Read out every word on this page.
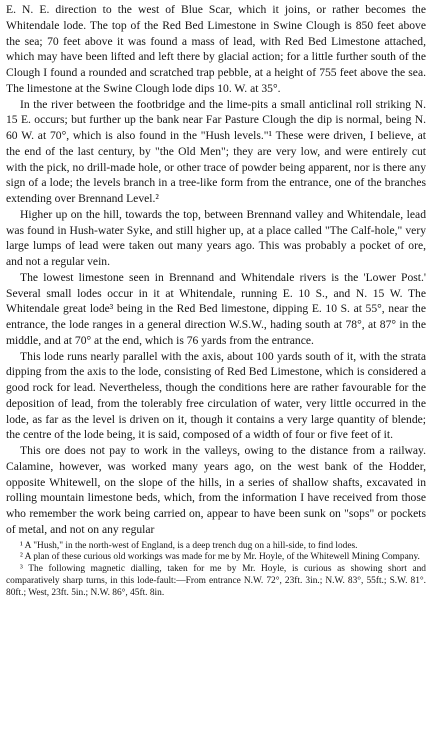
E. N. E. direction to the west of Blue Scar, which it joins, or rather becomes the Whitendale lode. The top of the Red Bed Limestone in Swine Clough is 850 feet above the sea; 70 feet above it was found a mass of lead, with Red Bed Limestone attached, which may have been lifted and left there by glacial action; for a little further south of the Clough I found a rounded and scratched trap pebble, at a height of 755 feet above the sea. The limestone at the Swine Clough lode dips 10. W. at 35°.

In the river between the footbridge and the lime-pits a small anticlinal roll striking N. 15 E. occurs; but further up the bank near Far Pasture Clough the dip is normal, being N. 60 W. at 70°, which is also found in the "Hush levels."¹ These were driven, I believe, at the end of the last century, by "the Old Men"; they are very low, and were entirely cut with the pick, no drill-made hole, or other trace of powder being apparent, nor is there any sign of a lode; the levels branch in a tree-like form from the entrance, one of the branches extending over Brennand Level.²

Higher up on the hill, towards the top, between Brennand valley and Whitendale, lead was found in Hush-water Syke, and still higher up, at a place called "The Calf-hole," very large lumps of lead were taken out many years ago. This was probably a pocket of ore, and not a regular vein.

The lowest limestone seen in Brennand and Whitendale rivers is the 'Lower Post.' Several small lodes occur in it at Whitendale, running E. 10 S., and N. 15 W. The Whitendale great lode³ being in the Red Bed limestone, dipping E. 10 S. at 55°, near the entrance, the lode ranges in a general direction W.S.W., hading south at 78°, at 87° in the middle, and at 70° at the end, which is 76 yards from the entrance.

This lode runs nearly parallel with the axis, about 100 yards south of it, with the strata dipping from the axis to the lode, consisting of Red Bed Limestone, which is considered a good rock for lead. Nevertheless, though the conditions here are rather favourable for the deposition of lead, from the tolerably free circulation of water, very little occurred in the lode, as far as the level is driven on it, though it contains a very large quantity of blende; the centre of the lode being, it is said, composed of a width of four or five feet of it.

This ore does not pay to work in the valleys, owing to the distance from a railway. Calamine, however, was worked many years ago, on the west bank of the Hodder, opposite Whitewell, on the slope of the hills, in a series of shallow shafts, excavated in rolling mountain limestone beds, which, from the information I have received from those who remember the work being carried on, appear to have been sunk on "sops" or pockets of metal, and not on any regular

¹ A "Hush," in the north-west of England, is a deep trench dug on a hill-side, to find lodes.

² A plan of these curious old workings was made for me by Mr. Hoyle, of the Whitewell Mining Company.

³ The following magnetic dialling, taken for me by Mr. Hoyle, is curious as showing short and comparatively sharp turns, in this lode-fault:—From entrance N.W. 72°, 23ft. 3in.; N.W. 83°, 55ft.; S.W. 81°. 80ft.; West, 23ft. 5in.; N.W. 86°, 45ft. 8in.
